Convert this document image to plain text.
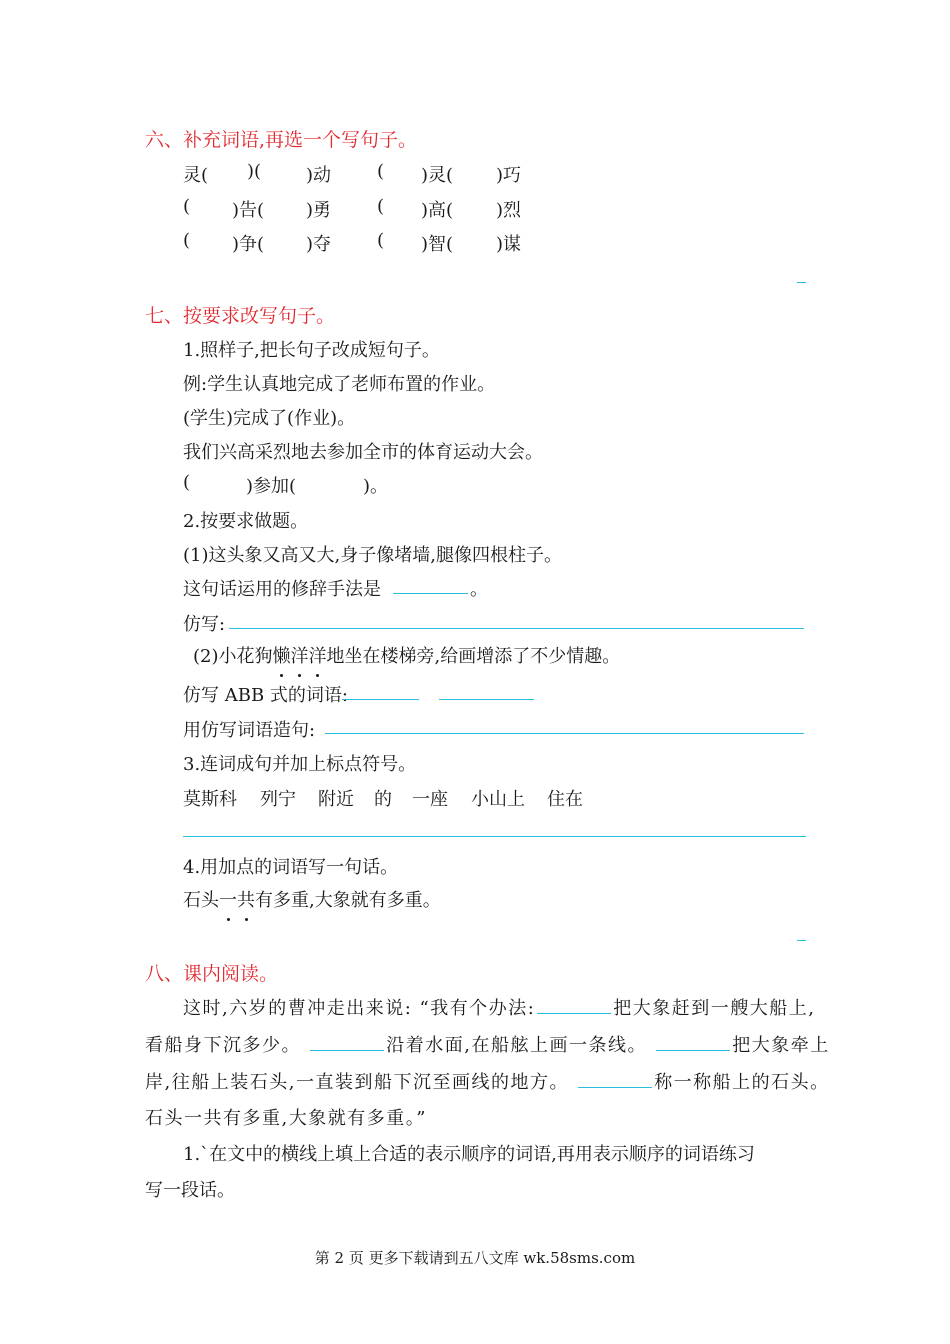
六、补充词语,再选一个写句子。
灵( )( )动	( )灵( )巧
( )告( )勇	( )高( )烈
( )争( )夺	( )智( )谋
七、按要求改写句子。
1.照样子,把长句子改成短句子。
例:学生认真地完成了老师布置的作业。
(学生)完成了(作业)。
我们兴高采烈地去参加全市的体育运动大会。
(	)参加(	)。
2.按要求做题。
(1)这头象又高又大,身子像堵墙,腿像四根柱子。
这句话运用的修辞手法是	。
仿写:
(2)小花狗懒洋洋地坐在楼梯旁,给画增添了不少情趣。
仿写 ABB 式的词语:
用仿写词语造句:
3.连词成句并加上标点符号。
莫斯科 列宁 附近 的 一座 小山上 住在
4.用加点的词语写一句话。
石头一共有多重,大象就有多重。
八、课内阅读。
这时,六岁的曹冲走出来说: “我有个办法:	把大象赶到一艘大船上,
看船身下沉多少。	沿着水面,在船舷上画一条线。	把大象牵上
岸,往船上装石头,一直装到船下沉至画线的地方。	称一称船上的石头。
石头一共有多重,大象就有多重。”
1.`在文中的横线上填上合适的表示顺序的词语,再用表示顺序的词语练习
写一段话。
第 2 页 更多下载请到五八文库 wk.58sms.com
